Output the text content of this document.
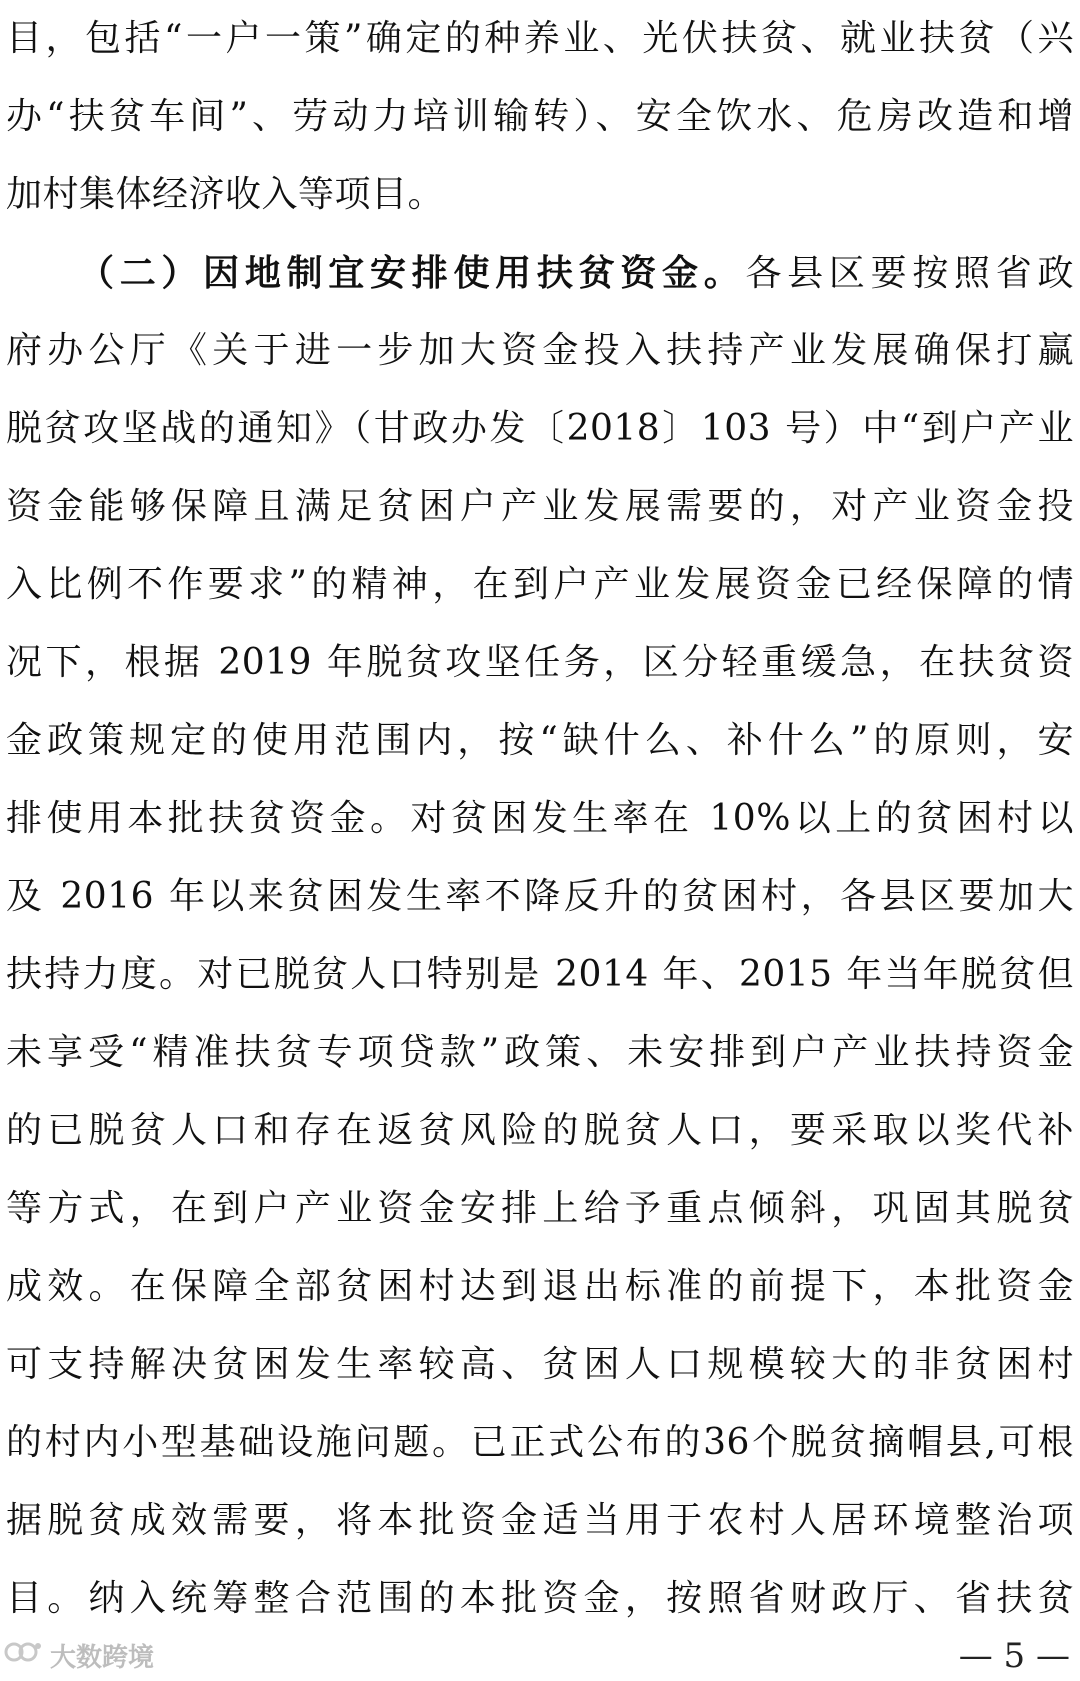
目，包括“一户一策”确定的种养业、光伏扶贫、就业扶贫（兴
办“扶贫车间”、劳动力培训输转）、安全饮水、危房改造和增
加村集体经济收入等项目。
（二）因地制宜安排使用扶贫资金。各县区要按照省政
府办公厅《关于进一步加大资金投入扶持产业发展确保打赢
脱贫攻坚战的通知》（甘政办发〔2018〕103 号）中“到户产业
资金能够保障且满足贫困户产业发展需要的，对产业资金投
入比例不作要求”的精神，在到户产业发展资金已经保障的情
况下，根据 2019 年脱贫攻坚任务，区分轻重缓急，在扶贫资
金政策规定的使用范围内，按“缺什么、补什么”的原则，安
排使用本批扶贫资金。对贫困发生率在 10%以上的贫困村以
及 2016 年以来贫困发生率不降反升的贫困村，各县区要加大
扶持力度。对已脱贫人口特别是 2014 年、2015 年当年脱贫但
未享受“精准扶贫专项贷款”政策、未安排到户产业扶持资金
的已脱贫人口和存在返贫风险的脱贫人口，要采取以奖代补
等方式，在到户产业资金安排上给予重点倾斜，巩固其脱贫
成效。在保障全部贫困村达到退出标准的前提下，本批资金
可支持解决贫困发生率较高、贫困人口规模较大的非贫困村
的村内小型基础设施问题。已正式公布的36个脱贫摘帽县,可根
据脱贫成效需要，将本批资金适当用于农村人居环境整治项
目。纳入统筹整合范围的本批资金，按照省财政厅、省扶贫
大数跨境	— 5 —
